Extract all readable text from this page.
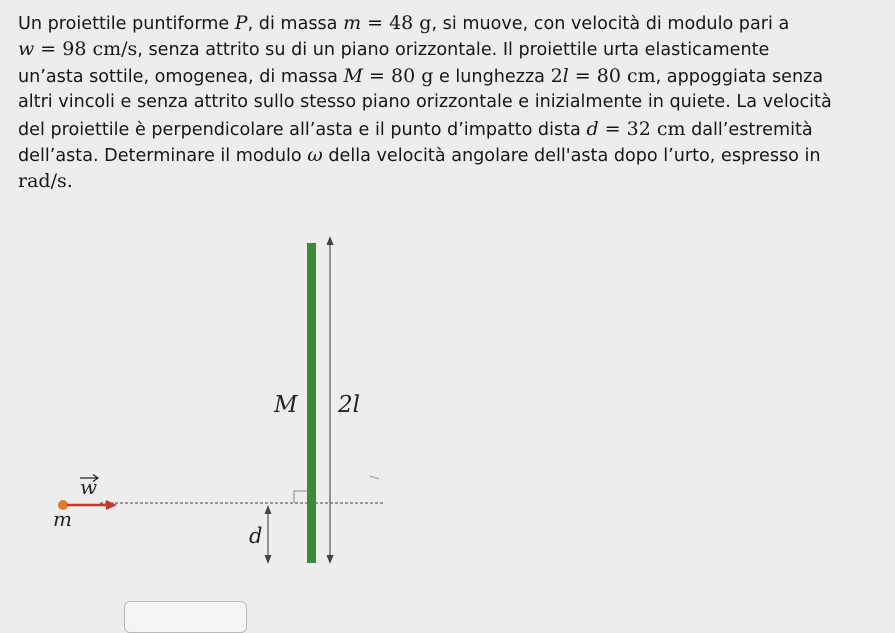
Un proiettile puntiforme P, di massa m = 48 g, si muove, con velocità di modulo pari a
w = 98 cm/s, senza attrito su di un piano orizzontale. Il proiettile urta elasticamente
un’asta sottile, omogenea, di massa M = 80 g e lunghezza 2l = 80 cm, appoggiata senza
altri vincoli e senza attrito sullo stesso piano orizzontale e inizialmente in quiete. La velocità
del proiettile è perpendicolare all’asta e il punto d’impatto dista d = 32 cm dall’estremità
dell’asta. Determinare il modulo ω della velocità angolare dell'asta dopo l’urto, espresso in
rad/s.
M 2l
w
m
d
